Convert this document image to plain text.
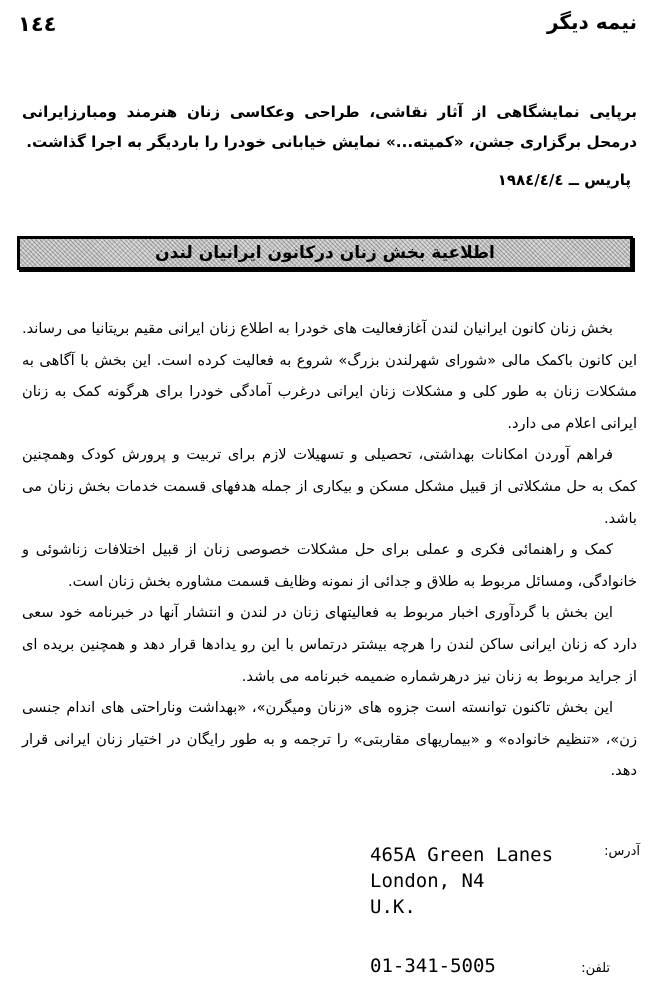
١٤٤	نیمه دیگر

برپایی نمایشگاهی از آثار نقاشی، طراحی وعکاسی زنان هنرمند ومبارزایرانی درمحل برگزاری جشن، «کمیته...» نمایش خیابانی خودرا را باردیگر به اجرا گذاشت.

پاریس ــ ١٩٨٤/٤/٤
اطلاعیة بخش زنان درکانون ایرانیان لندن

بخش زنان کانون ایرانیان لندن آغازفعالیت های خودرا به اطلاع زنان ایرانی مقیم بریتانیا می رساند. این کانون باکمک مالی «شورای شهرلندن بزرگ» شروع به فعالیت کرده است. این بخش با آگاهی به مشکلات زنان به طور کلی و مشکلات زنان ایرانی درغرب آمادگی خودرا برای هرگونه کمک به زنان ایرانی اعلام می دارد.

فراهم آوردن امکانات بهداشتی، تحصیلی و تسهیلات لازم برای تربیت و پرورش کودک وهمچنین کمک به حل مشکلاتی از قبیل مشکل مسکن و بیکاری از جمله هدفهای قسمت خدمات بخش زنان می باشد.

کمک و راهنمائی فکری و عملی برای حل مشکلات خصوصی زنان از قبیل اختلافات زناشوئی و خانوادگی، ومسائل مربوط به طلاق و جدائی از نمونه وظایف قسمت مشاوره بخش زنان است.

این بخش با گردآوری اخبار مربوط به فعالیتهای زنان در لندن و انتشار آنها در خبرنامه خود سعی دارد که زنان ایرانی ساکن لندن را هرچه بیشتر درتماس با این رو یدادها قرار دهد و همچنین بریده ای از جراید مربوط به زنان نیز درهرشماره ضمیمه خبرنامه می باشد.

این بخش تاکنون توانسته است جزوه های «زنان ومیگرن»، «بهداشت وناراحتی های اندام جنسی زن»، «تنظیم خانواده» و «بیماریهای مقاربتی» را ترجمه و به طور رایگان در اختیار زنان ایرانی قرار دهد.

آدرس:
465A Green Lanes
London, N4
U.K.
تلفن:
01-341-5005
